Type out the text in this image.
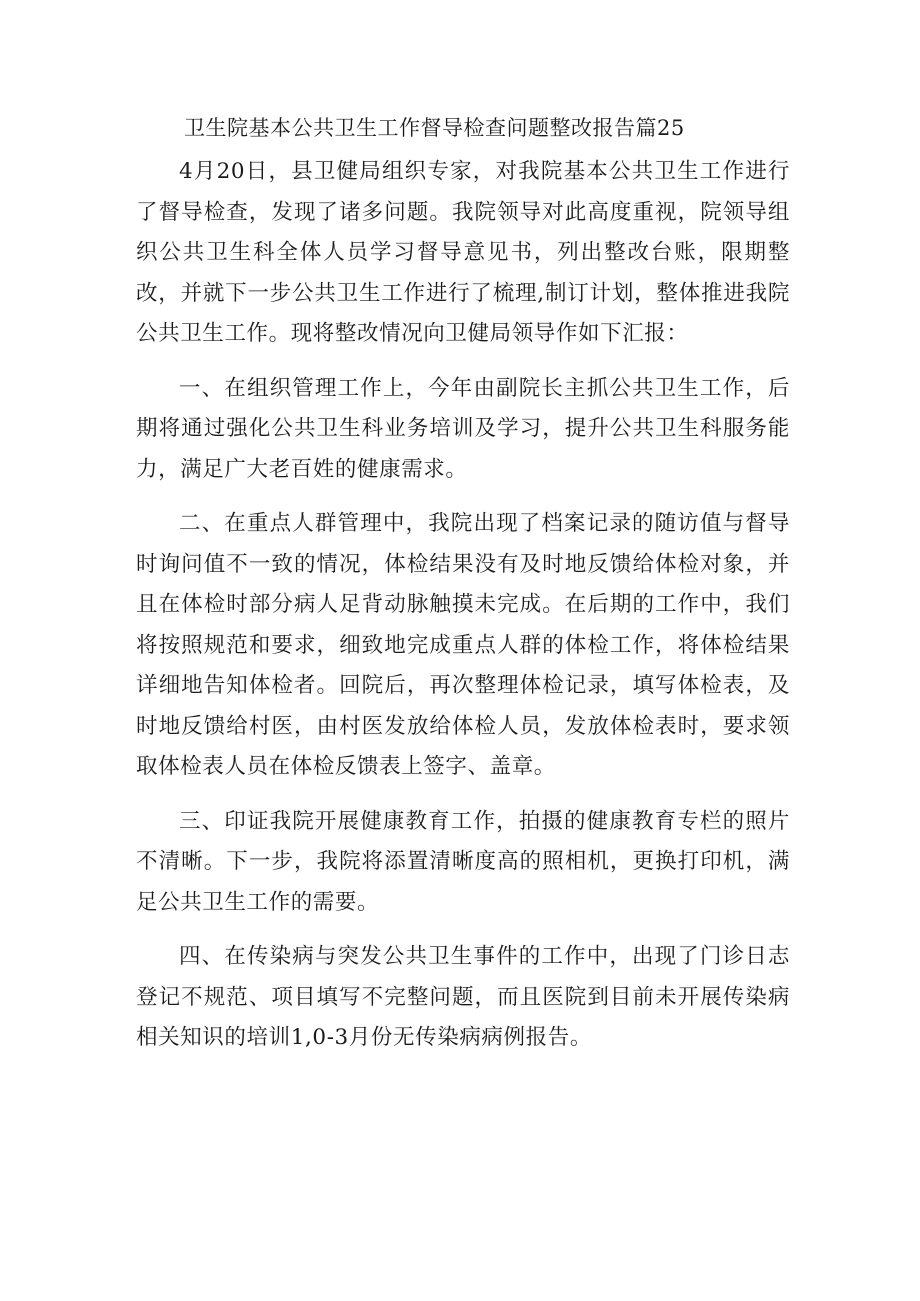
卫生院基本公共卫生工作督导检查问题整改报告篇25

4月20日，县卫健局组织专家，对我院基本公共卫生工作进行了督导检查，发现了诸多问题。我院领导对此高度重视，院领导组织公共卫生科全体人员学习督导意见书，列出整改台账，限期整改，并就下一步公共卫生工作进行了梳理,制订计划，整体推进我院公共卫生工作。现将整改情况向卫健局领导作如下汇报：

一、在组织管理工作上，今年由副院长主抓公共卫生工作，后期将通过强化公共卫生科业务培训及学习，提升公共卫生科服务能力，满足广大老百姓的健康需求。

二、在重点人群管理中，我院出现了档案记录的随访值与督导时询问值不一致的情况，体检结果没有及时地反馈给体检对象，并且在体检时部分病人足背动脉触摸未完成。在后期的工作中，我们将按照规范和要求，细致地完成重点人群的体检工作，将体检结果详细地告知体检者。回院后，再次整理体检记录，填写体检表，及时地反馈给村医，由村医发放给体检人员，发放体检表时，要求领取体检表人员在体检反馈表上签字、盖章。

三、印证我院开展健康教育工作，拍摄的健康教育专栏的照片不清晰。下一步，我院将添置清晰度高的照相机，更换打印机，满足公共卫生工作的需要。

四、在传染病与突发公共卫生事件的工作中，出现了门诊日志登记不规范、项目填写不完整问题，而且医院到目前未开展传染病相关知识的培训1,0-3月份无传染病病例报告。
